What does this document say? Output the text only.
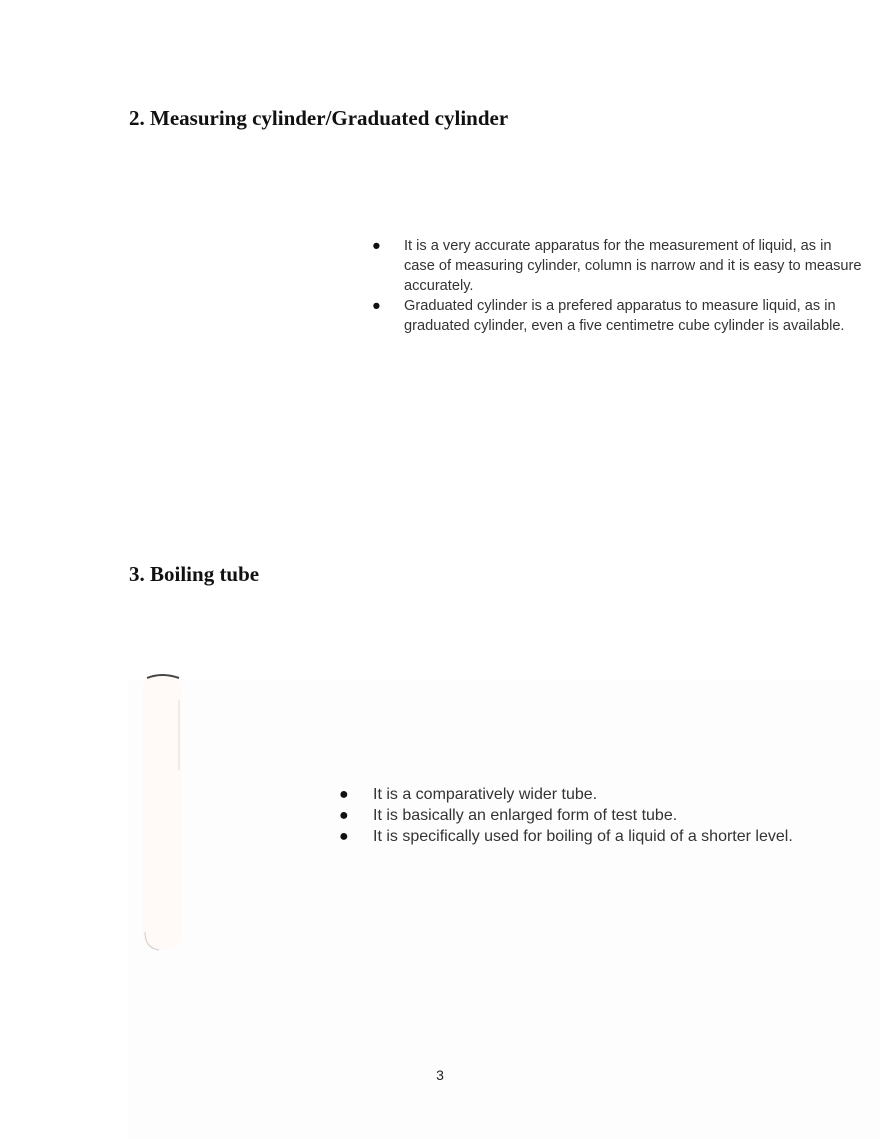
2. Measuring cylinder/Graduated cylinder
● It is a very accurate apparatus for the measurement of liquid, as in case of measuring cylinder, column is narrow and it is easy to measure accurately.
● Graduated cylinder is a prefered apparatus to measure liquid, as in graduated cylinder, even a five centimetre cube cylinder is available.
3. Boiling tube
● It is a comparatively wider tube.
● It is basically an enlarged form of test tube.
● It is specifically used for boiling of a liquid of a shorter level.
3
